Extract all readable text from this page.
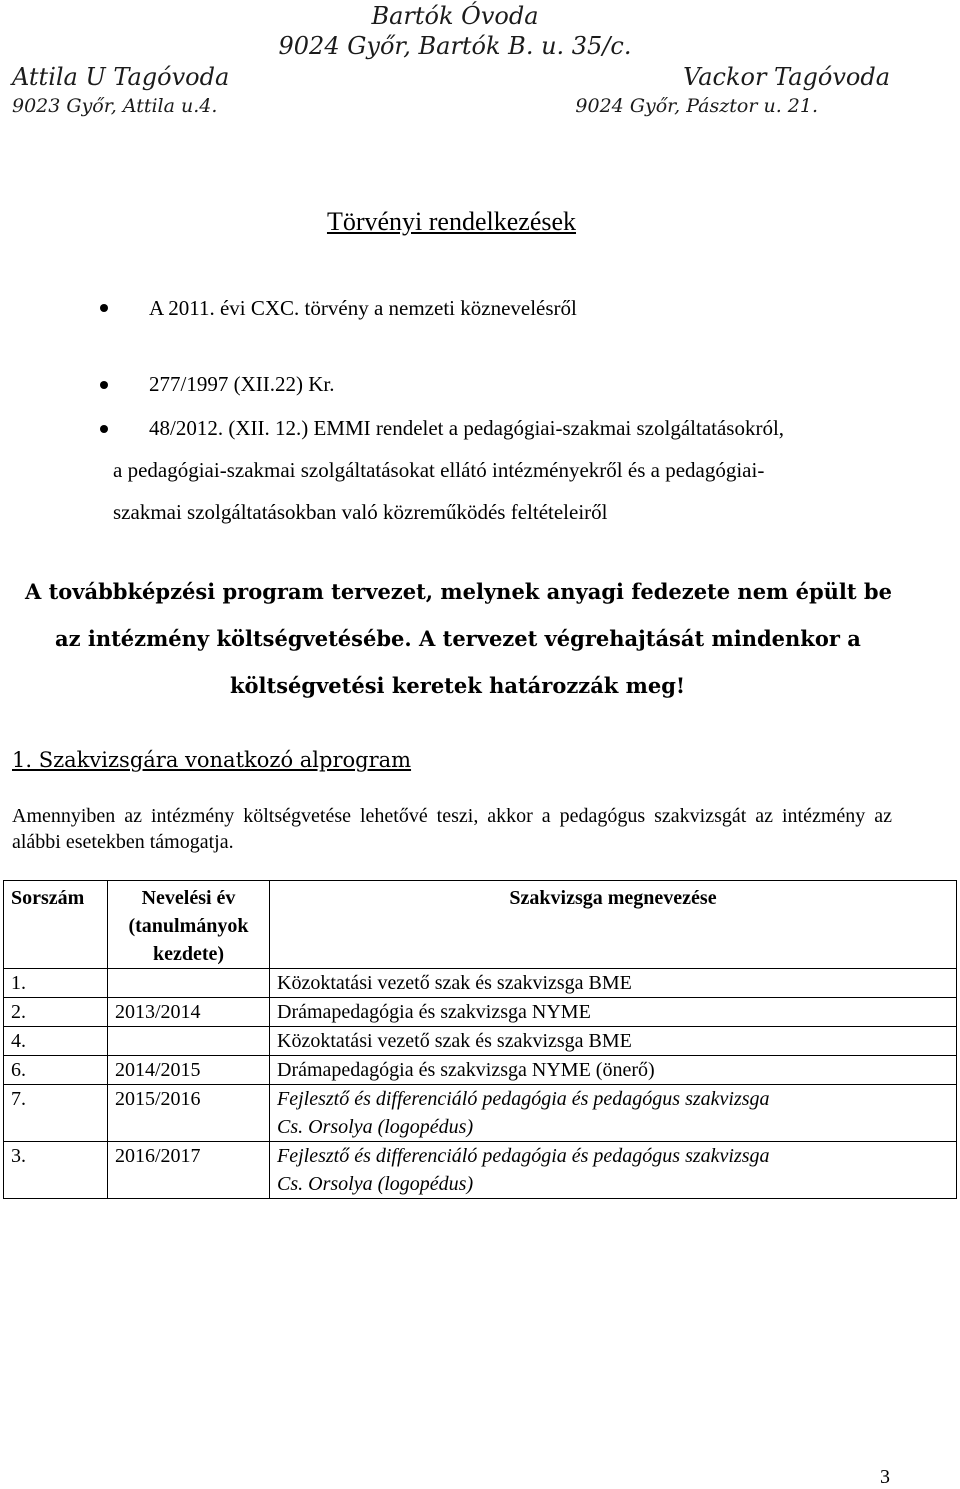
Bartók Óvoda
9024 Győr, Bartók B. u. 35/c.
Attila U Tagóvoda
9023 Győr, Attila u.4.
Vackor Tagóvoda
9024 Győr, Pásztor u. 21.
Törvényi rendelkezések
A 2011. évi CXC. törvény a nemzeti köznevelésről
277/1997 (XII.22) Kr.
48/2012. (XII. 12.) EMMI rendelet a pedagógiai-szakmai szolgáltatásokról,
a pedagógiai-szakmai szolgáltatásokat ellátó intézményekről és a pedagógiai-
szakmai szolgáltatásokban való közreműködés feltételeiről
A továbbképzési program tervezet, melynek anyagi fedezete nem épült be
az intézmény költségvetésébe. A tervezet végrehajtását mindenkor a
költségvetési keretek határozzák meg!
1. Szakvizsgára vonatkozó alprogram
Amennyiben az intézmény költségvetése lehetővé teszi, akkor a pedagógus szakvizsgát az intézmény az alábbi esetekben támogatja.
Sorszám	Nevelési év (tanulmányok kezdete)	Szakvizsga megnevezése
1.		Közoktatási vezető szak és szakvizsga BME
2.	2013/2014	Drámapedagógia és szakvizsga NYME
4.		Közoktatási vezető szak és szakvizsga BME
6.	2014/2015	Drámapedagógia és szakvizsga NYME (önerő)
7.	2015/2016	Fejlesztő és differenciáló pedagógia és pedagógus szakvizsga
Cs. Orsolya (logopédus)

3.	2016/2017	Fejlesztő és differenciáló pedagógia és pedagógus szakvizsga
Cs. Orsolya (logopédus)
3
